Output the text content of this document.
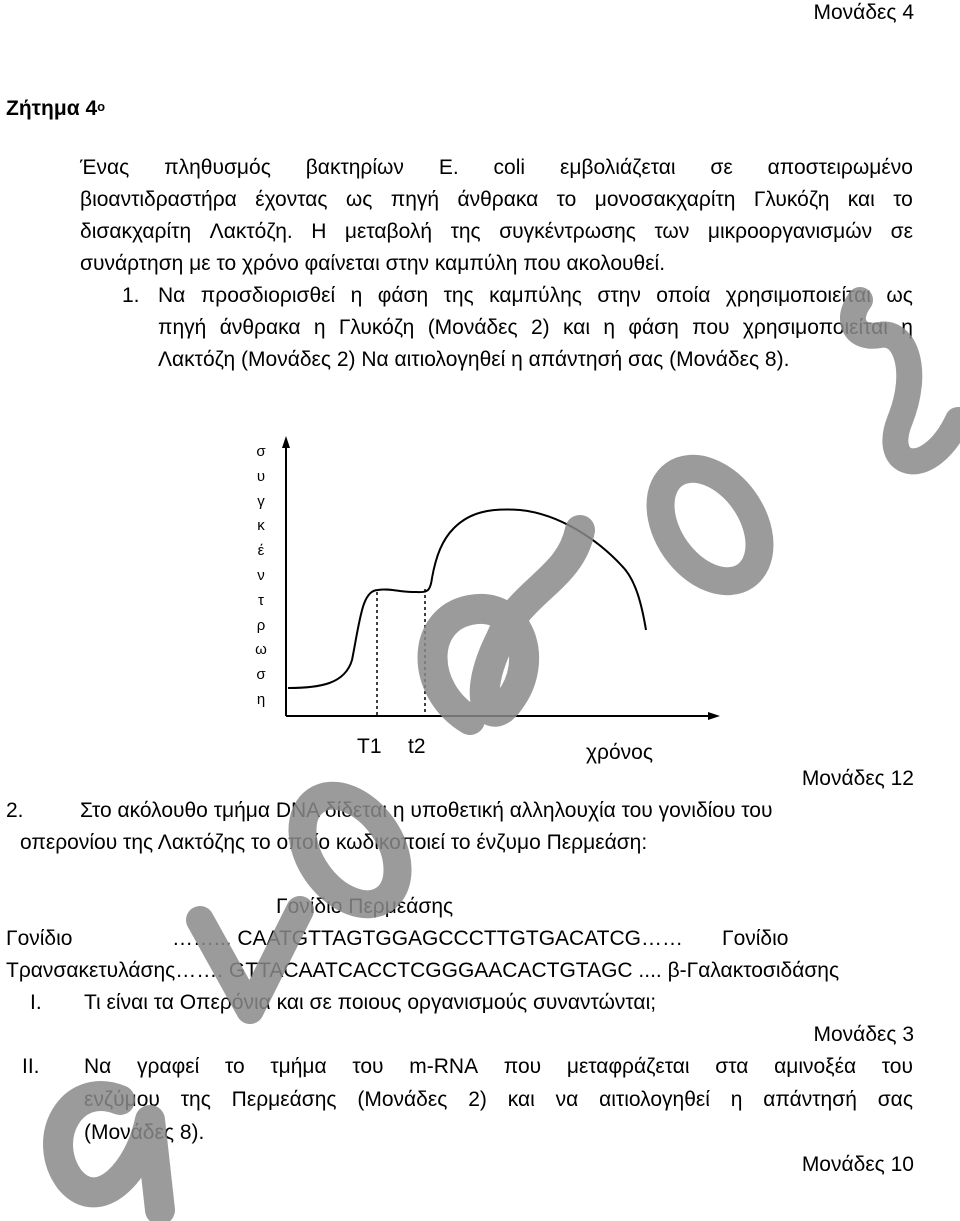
Μονάδες 4
Ζήτημα $4^o$
Ένας πληθυσμός βακτηρίων E. coli εμβολιάζεται σε αποστειρωμένο
βιοαντιδραστήρα έχοντας ως πηγή άνθρακα το μονοσακχαρίτη Γλυκόζη και το
δισακχαρίτη Λακτόζη. Η μεταβολή της συγκέντρωσης των μικροοργανισμών σε
συνάρτηση με το χρόνο φαίνεται στην καμπύλη που ακολουθεί.
1. Να προσδιορισθεί η φάση της καμπύλης στην οποία χρησιμοποιείται ως
πηγή άνθρακα η Γλυκόζη (Μονάδες 2) και η φάση που χρησιμοποιείται η
Λακτόζη (Μονάδες 2) Να αιτιολογηθεί η απάντησή σας (Μονάδες 8).
σ
υ
γ
κ
έ
ν
τ
ρ
ω
σ
η
T1 t2	χρόνος
Μονάδες 12
2.	Στο ακόλουθο τμήμα DNA δίδεται η υποθετική αλληλουχία του γονιδίου του
οπερονίου της Λακτόζης το οποίο κωδικοποιεί το ένζυμο Περμεάση:
Γονίδιο Περμεάσης
Γονίδιο	……... CAATGTTAGTGGAGCCCTTGTGACATCG…… Γονίδιο
Τρανσακετυλάσης……. GTTACAATCACCTCGGGAACACTGTAGC .... β-Γαλακτοσιδάσης
I. Τι είναι τα Οπερόνια και σε ποιους οργανισμούς συναντώνται;
Μονάδες 3
II. Να γραφεί το τμήμα του m-RNA που μεταφράζεται στα αμινοξέα του
ενζύμου της Περμεάσης (Μονάδες 2) και να αιτιολογηθεί η απάντησή σας
(Μονάδες 8).
Μονάδες 10
